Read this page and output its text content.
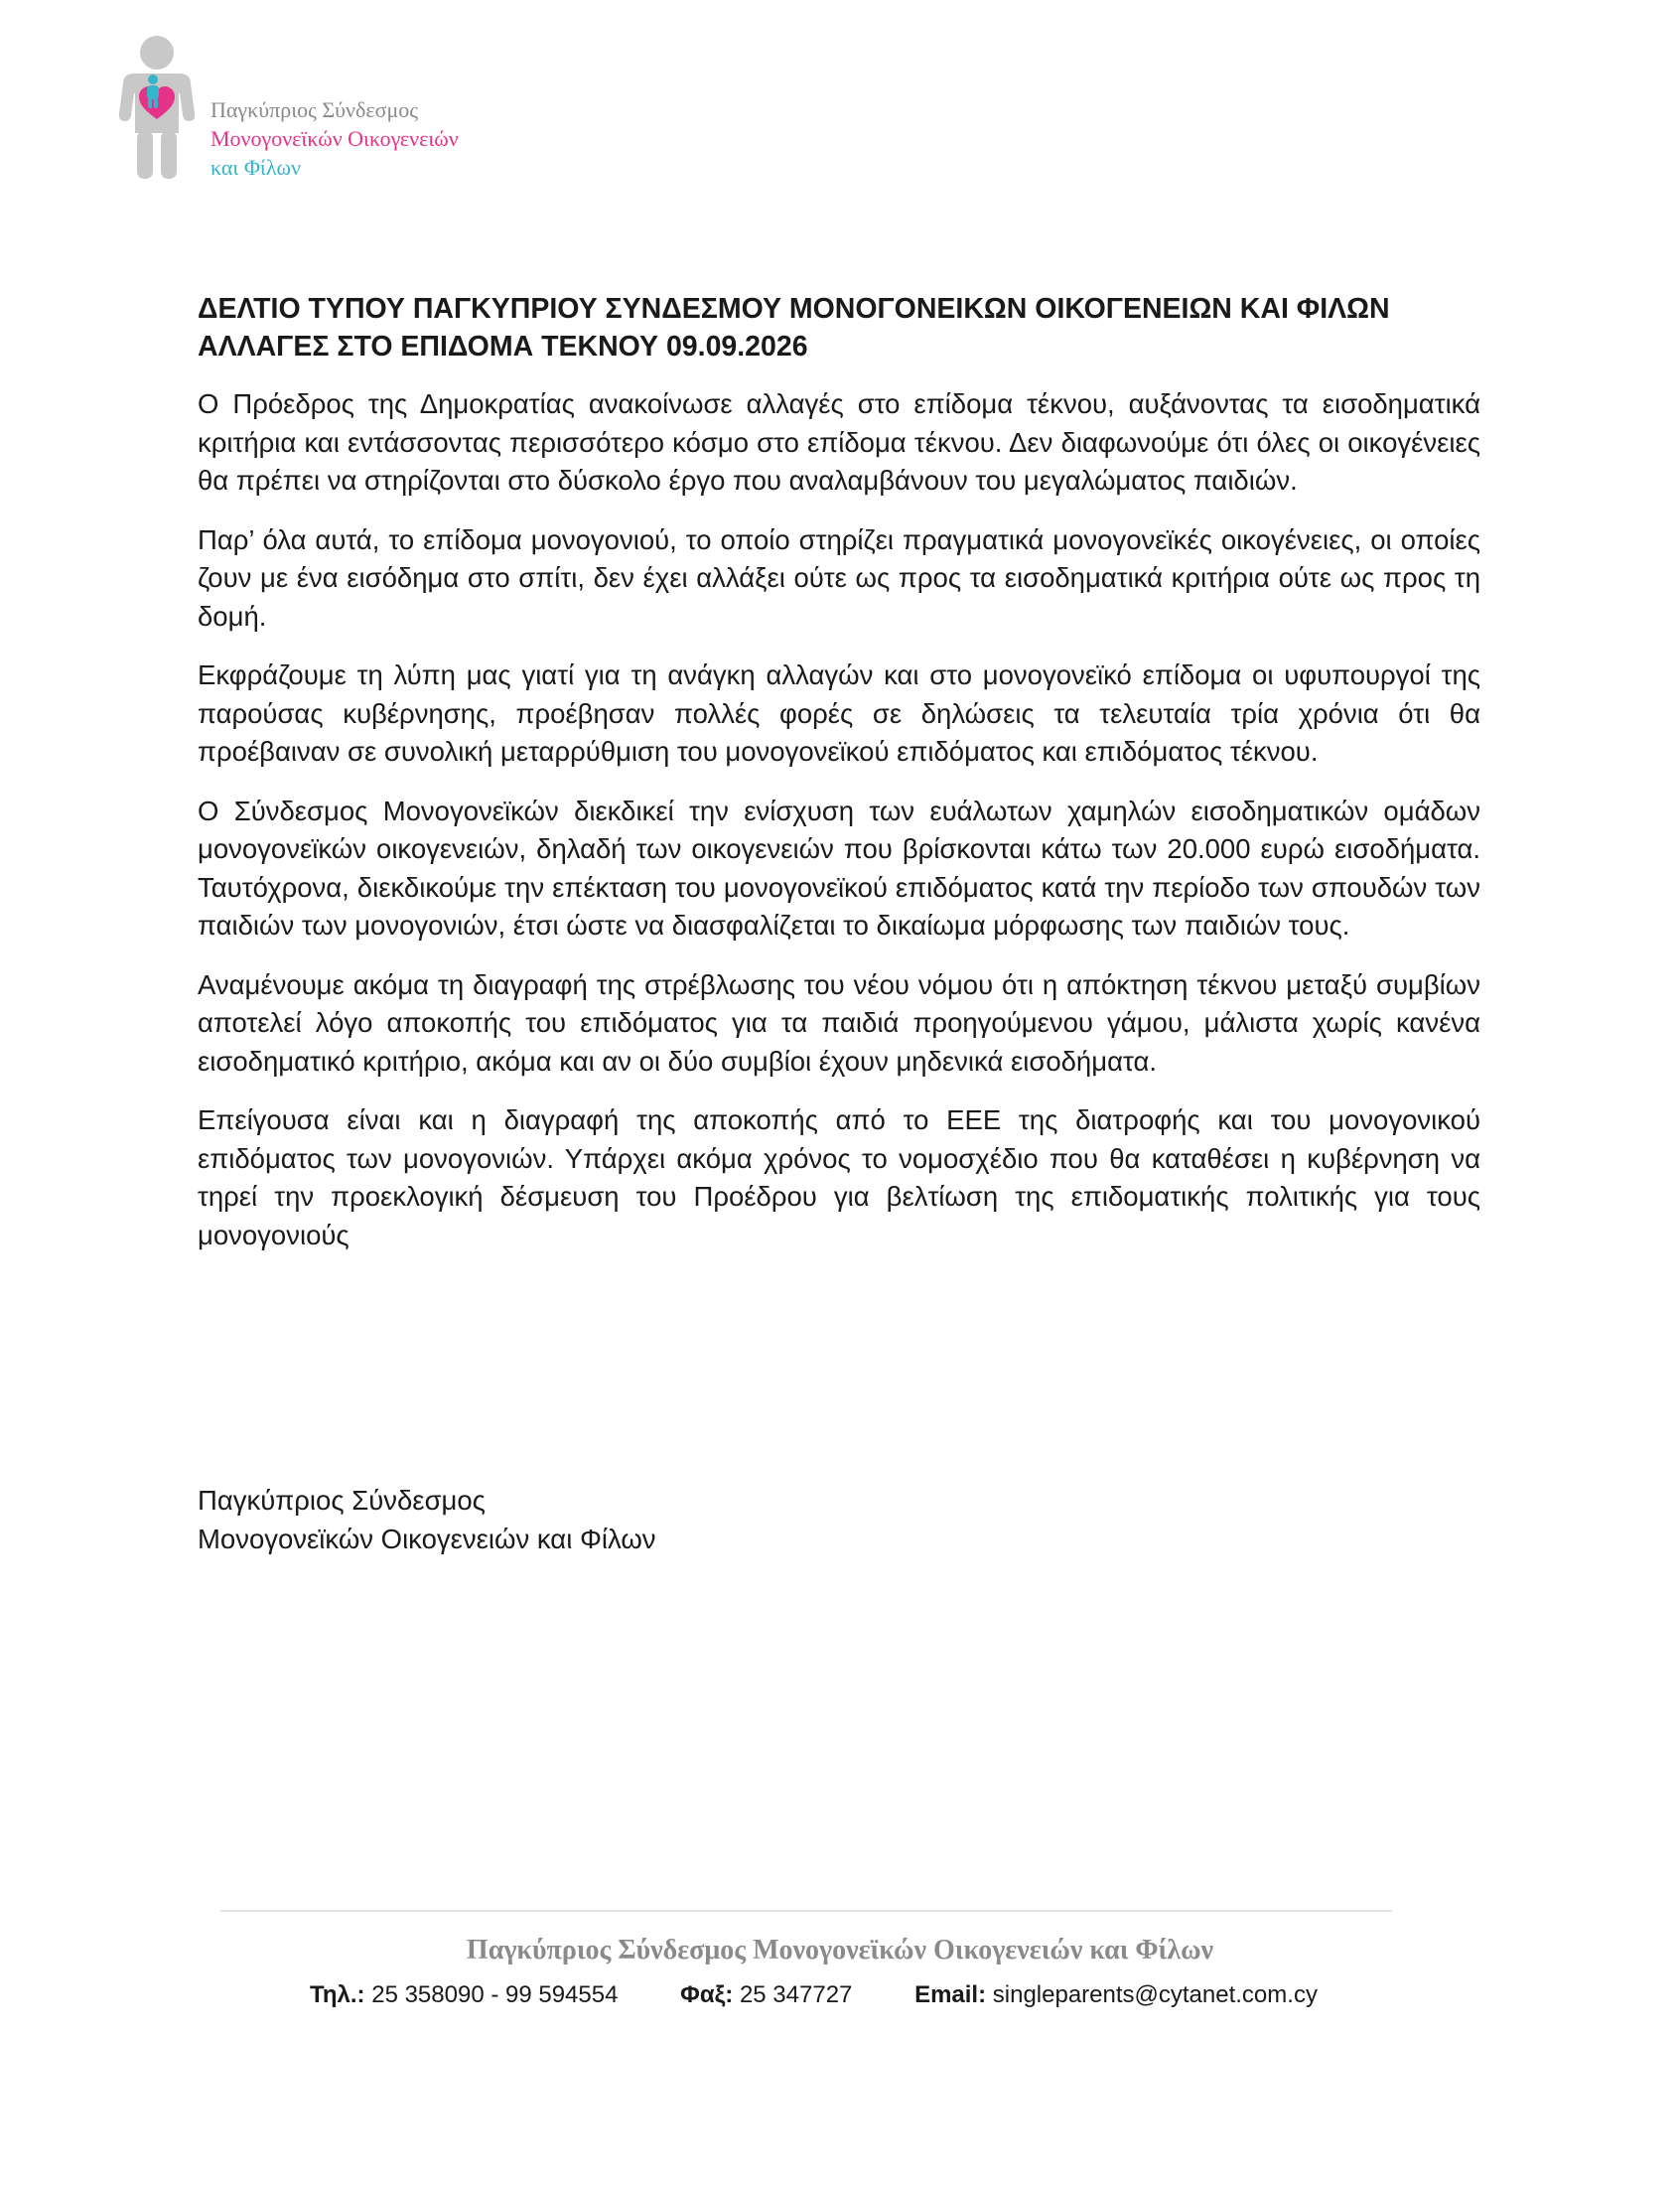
Παγκύπριος Σύνδεσμος
Μονογονεϊκών Οικογενειών
και Φίλων
ΔΕΛΤΙΟ ΤΥΠΟΥ ΠΑΓΚΥΠΡΙΟΥ ΣΥΝΔΕΣΜΟΥ ΜΟΝΟΓΟΝΕΙΚΩΝ ΟΙΚΟΓΕΝΕΙΩΝ ΚΑΙ ΦΙΛΩΝ
ΑΛΛΑΓΕΣ ΣΤΟ ΕΠΙΔΟΜΑ ΤΕΚΝΟΥ 09.09.2026

Ο Πρόεδρος της Δημοκρατίας ανακοίνωσε αλλαγές στο επίδομα τέκνου, αυξάνοντας τα εισοδηματικά κριτήρια και εντάσσοντας περισσότερο κόσμο στο επίδομα τέκνου. Δεν διαφωνούμε ότι όλες οι οικογένειες θα πρέπει να στηρίζονται στο δύσκολο έργο που αναλαμβάνουν του μεγαλώματος παιδιών.

Παρ’ όλα αυτά, το επίδομα μονογονιού, το οποίο στηρίζει πραγματικά μονογονεϊκές οικογένειες, οι οποίες ζουν με ένα εισόδημα στο σπίτι, δεν έχει αλλάξει ούτε ως προς τα εισοδηματικά κριτήρια ούτε ως προς τη δομή.

Εκφράζουμε τη λύπη μας γιατί για τη ανάγκη αλλαγών και στο μονογονεϊκό επίδομα οι υφυπουργοί της παρούσας κυβέρνησης, προέβησαν πολλές φορές σε δηλώσεις τα τελευταία τρία χρόνια ότι θα προέβαιναν σε συνολική μεταρρύθμιση του μονογονεϊκού επιδόματος και επιδόματος τέκνου.

Ο Σύνδεσμος Μονογονεϊκών διεκδικεί την ενίσχυση των ευάλωτων χαμηλών εισοδηματικών ομάδων μονογονεϊκών οικογενειών, δηλαδή των οικογενειών που βρίσκονται κάτω των 20.000 ευρώ εισοδήματα. Ταυτόχρονα, διεκδικούμε την επέκταση του μονογονεϊκού επιδόματος κατά την περίοδο των σπουδών των παιδιών των μονογονιών, έτσι ώστε να διασφαλίζεται το δικαίωμα μόρφωσης των παιδιών τους.

Αναμένουμε ακόμα τη διαγραφή της στρέβλωσης του νέου νόμου ότι η απόκτηση τέκνου μεταξύ συμβίων αποτελεί λόγο αποκοπής του επιδόματος για τα παιδιά προηγούμενου γάμου, μάλιστα χωρίς κανένα εισοδηματικό κριτήριο, ακόμα και αν οι δύο συμβίοι έχουν μηδενικά εισοδήματα.

Επείγουσα είναι και η διαγραφή της αποκοπής από το ΕΕΕ της διατροφής και του μονογονικού επιδόματος των μονογονιών. Υπάρχει ακόμα χρόνος το νομοσχέδιο που θα καταθέσει η κυβέρνηση να τηρεί την προεκλογική δέσμευση του Προέδρου για βελτίωση της επιδοματικής πολιτικής για τους μονογονιούς

Παγκύπριος Σύνδεσμος
Μονογονεϊκών Οικογενειών και Φίλων
Παγκύπριος Σύνδεσμος Μονογονεϊκών Οικογενειών και Φίλων
Τηλ.: 25 358090 - 99 594554	Φαξ: 25 347727	Email: singleparents@cytanet.com.cy
